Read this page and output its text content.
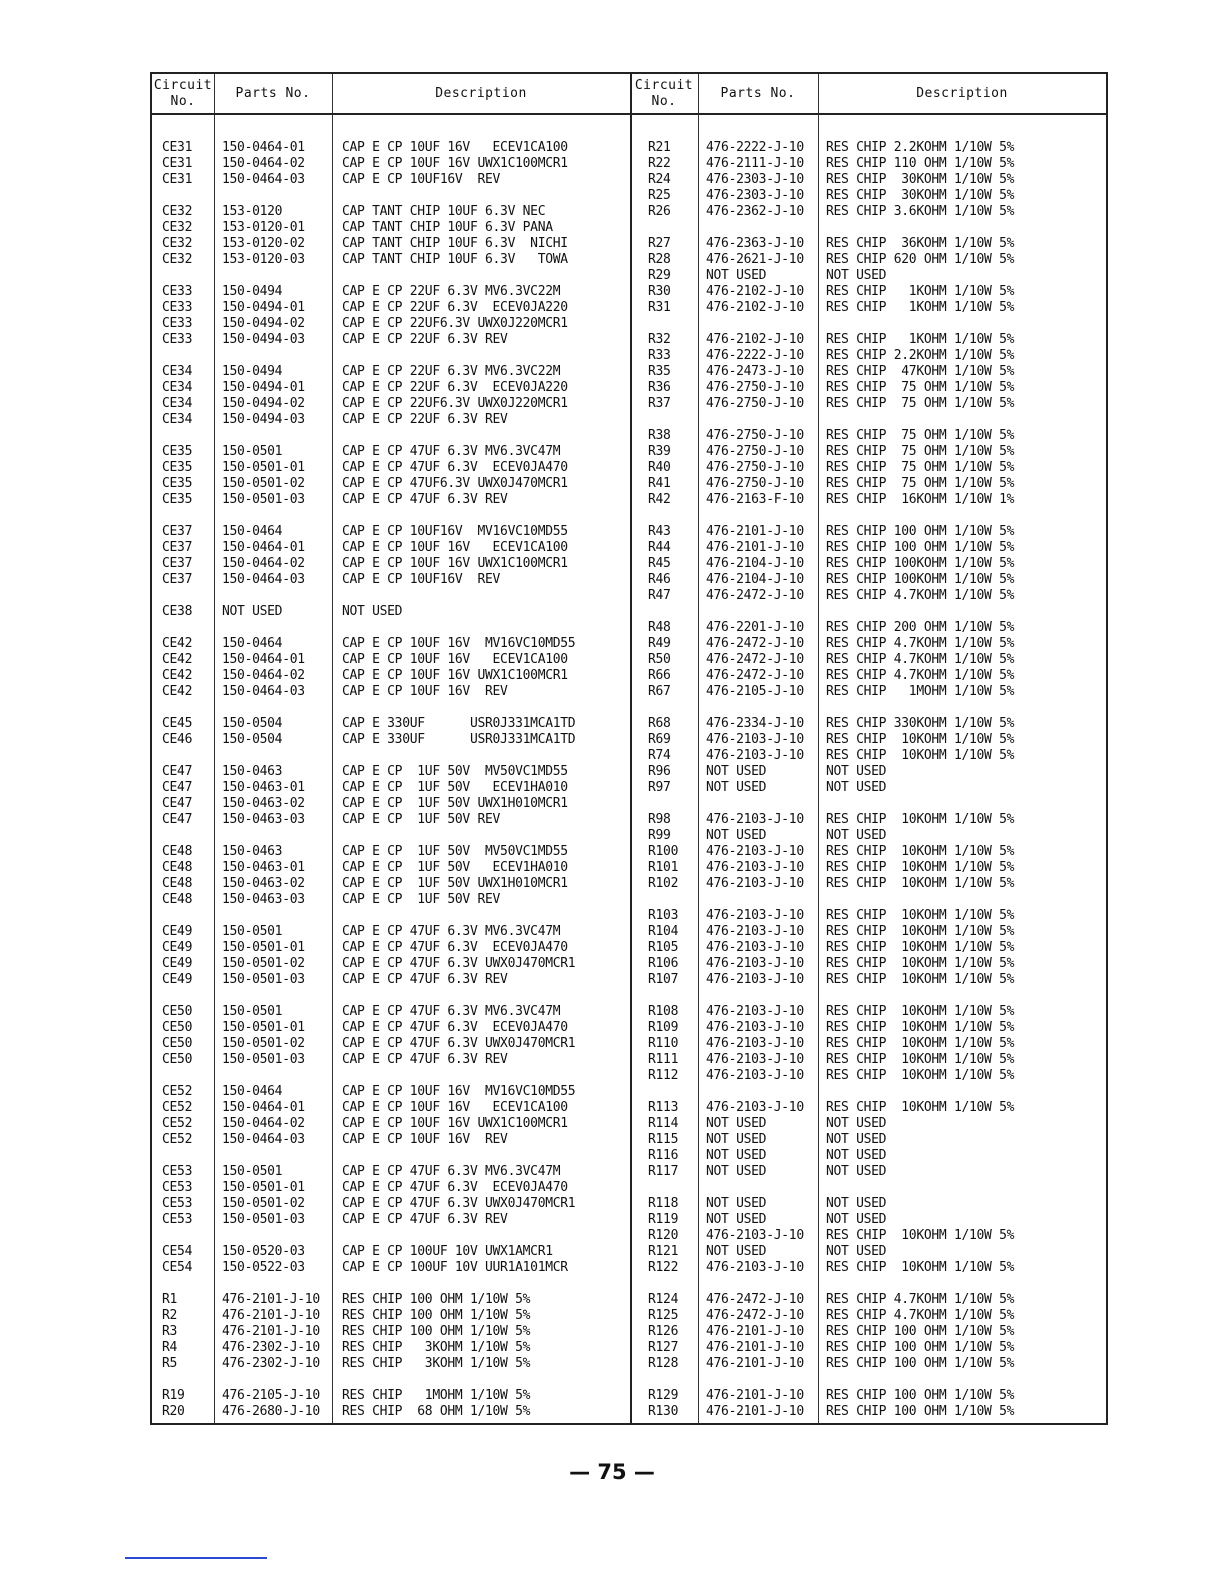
Circuit
No.
Parts No.	Description
Circuit
No.
Parts No.	Description
CE31
CE31
CE31

CE32
CE32
CE32
CE32

CE33
CE33
CE33
CE33

CE34
CE34
CE34
CE34

CE35
CE35
CE35
CE35

CE37
CE37
CE37
CE37

CE38

CE42
CE42
CE42
CE42

CE45
CE46

CE47
CE47
CE47
CE47

CE48
CE48
CE48
CE48

CE49
CE49
CE49
CE49

CE50
CE50
CE50
CE50

CE52
CE52
CE52
CE52

CE53
CE53
CE53
CE53

CE54
CE54

R1
R2
R3
R4
R5

R19
R20
150-0464-01
150-0464-02
150-0464-03

153-0120
153-0120-01
153-0120-02
153-0120-03

150-0494
150-0494-01
150-0494-02
150-0494-03

150-0494
150-0494-01
150-0494-02
150-0494-03

150-0501
150-0501-01
150-0501-02
150-0501-03

150-0464
150-0464-01
150-0464-02
150-0464-03

NOT USED

150-0464
150-0464-01
150-0464-02
150-0464-03

150-0504
150-0504

150-0463
150-0463-01
150-0463-02
150-0463-03

150-0463
150-0463-01
150-0463-02
150-0463-03

150-0501
150-0501-01
150-0501-02
150-0501-03

150-0501
150-0501-01
150-0501-02
150-0501-03

150-0464
150-0464-01
150-0464-02
150-0464-03

150-0501
150-0501-01
150-0501-02
150-0501-03

150-0520-03
150-0522-03

476-2101-J-10
476-2101-J-10
476-2101-J-10
476-2302-J-10
476-2302-J-10

476-2105-J-10
476-2680-J-10
CAP E CP 10UF 16V   ECEV1CA100
CAP E CP 10UF 16V UWX1C100MCR1
CAP E CP 10UF16V  REV

CAP TANT CHIP 10UF 6.3V NEC
CAP TANT CHIP 10UF 6.3V PANA
CAP TANT CHIP 10UF 6.3V  NICHI
CAP TANT CHIP 10UF 6.3V   TOWA

CAP E CP 22UF 6.3V MV6.3VC22M
CAP E CP 22UF 6.3V  ECEV0JA220
CAP E CP 22UF6.3V UWX0J220MCR1
CAP E CP 22UF 6.3V REV

CAP E CP 22UF 6.3V MV6.3VC22M
CAP E CP 22UF 6.3V  ECEV0JA220
CAP E CP 22UF6.3V UWX0J220MCR1
CAP E CP 22UF 6.3V REV

CAP E CP 47UF 6.3V MV6.3VC47M
CAP E CP 47UF 6.3V  ECEV0JA470
CAP E CP 47UF6.3V UWX0J470MCR1
CAP E CP 47UF 6.3V REV

CAP E CP 10UF16V  MV16VC10MD55
CAP E CP 10UF 16V   ECEV1CA100
CAP E CP 10UF 16V UWX1C100MCR1
CAP E CP 10UF16V  REV

NOT USED

CAP E CP 10UF 16V  MV16VC10MD55
CAP E CP 10UF 16V   ECEV1CA100
CAP E CP 10UF 16V UWX1C100MCR1
CAP E CP 10UF 16V  REV

CAP E 330UF      USR0J331MCA1TD
CAP E 330UF      USR0J331MCA1TD

CAP E CP  1UF 50V  MV50VC1MD55
CAP E CP  1UF 50V   ECEV1HA010
CAP E CP  1UF 50V UWX1H010MCR1
CAP E CP  1UF 50V REV

CAP E CP  1UF 50V  MV50VC1MD55
CAP E CP  1UF 50V   ECEV1HA010
CAP E CP  1UF 50V UWX1H010MCR1
CAP E CP  1UF 50V REV

CAP E CP 47UF 6.3V MV6.3VC47M
CAP E CP 47UF 6.3V  ECEV0JA470
CAP E CP 47UF 6.3V UWX0J470MCR1
CAP E CP 47UF 6.3V REV

CAP E CP 47UF 6.3V MV6.3VC47M
CAP E CP 47UF 6.3V  ECEV0JA470
CAP E CP 47UF 6.3V UWX0J470MCR1
CAP E CP 47UF 6.3V REV

CAP E CP 10UF 16V  MV16VC10MD55
CAP E CP 10UF 16V   ECEV1CA100
CAP E CP 10UF 16V UWX1C100MCR1
CAP E CP 10UF 16V  REV

CAP E CP 47UF 6.3V MV6.3VC47M
CAP E CP 47UF 6.3V  ECEV0JA470
CAP E CP 47UF 6.3V UWX0J470MCR1
CAP E CP 47UF 6.3V REV

CAP E CP 100UF 10V UWX1AMCR1
CAP E CP 100UF 10V UUR1A101MCR

RES CHIP 100 OHM 1/10W 5%
RES CHIP 100 OHM 1/10W 5%
RES CHIP 100 OHM 1/10W 5%
RES CHIP   3KOHM 1/10W 5%
RES CHIP   3KOHM 1/10W 5%

RES CHIP   1MOHM 1/10W 5%
RES CHIP  68 OHM 1/10W 5%
R21
R22
R24
R25
R26

R27
R28
R29
R30
R31

R32
R33
R35
R36
R37

R38
R39
R40
R41
R42

R43
R44
R45
R46
R47

R48
R49
R50
R66
R67

R68
R69
R74
R96
R97

R98
R99
R100
R101
R102

R103
R104
R105
R106
R107

R108
R109
R110
R111
R112

R113
R114
R115
R116
R117

R118
R119
R120
R121
R122

R124
R125
R126
R127
R128

R129
R130
476-2222-J-10
476-2111-J-10
476-2303-J-10
476-2303-J-10
476-2362-J-10

476-2363-J-10
476-2621-J-10
NOT USED
476-2102-J-10
476-2102-J-10

476-2102-J-10
476-2222-J-10
476-2473-J-10
476-2750-J-10
476-2750-J-10

476-2750-J-10
476-2750-J-10
476-2750-J-10
476-2750-J-10
476-2163-F-10

476-2101-J-10
476-2101-J-10
476-2104-J-10
476-2104-J-10
476-2472-J-10

476-2201-J-10
476-2472-J-10
476-2472-J-10
476-2472-J-10
476-2105-J-10

476-2334-J-10
476-2103-J-10
476-2103-J-10
NOT USED
NOT USED

476-2103-J-10
NOT USED
476-2103-J-10
476-2103-J-10
476-2103-J-10

476-2103-J-10
476-2103-J-10
476-2103-J-10
476-2103-J-10
476-2103-J-10

476-2103-J-10
476-2103-J-10
476-2103-J-10
476-2103-J-10
476-2103-J-10

476-2103-J-10
NOT USED
NOT USED
NOT USED
NOT USED

NOT USED
NOT USED
476-2103-J-10
NOT USED
476-2103-J-10

476-2472-J-10
476-2472-J-10
476-2101-J-10
476-2101-J-10
476-2101-J-10

476-2101-J-10
476-2101-J-10
RES CHIP 2.2KOHM 1/10W 5%
RES CHIP 110 OHM 1/10W 5%
RES CHIP  30KOHM 1/10W 5%
RES CHIP  30KOHM 1/10W 5%
RES CHIP 3.6KOHM 1/10W 5%

RES CHIP  36KOHM 1/10W 5%
RES CHIP 620 OHM 1/10W 5%
NOT USED
RES CHIP   1KOHM 1/10W 5%
RES CHIP   1KOHM 1/10W 5%

RES CHIP   1KOHM 1/10W 5%
RES CHIP 2.2KOHM 1/10W 5%
RES CHIP  47KOHM 1/10W 5%
RES CHIP  75 OHM 1/10W 5%
RES CHIP  75 OHM 1/10W 5%

RES CHIP  75 OHM 1/10W 5%
RES CHIP  75 OHM 1/10W 5%
RES CHIP  75 OHM 1/10W 5%
RES CHIP  75 OHM 1/10W 5%
RES CHIP  16KOHM 1/10W 1%

RES CHIP 100 OHM 1/10W 5%
RES CHIP 100 OHM 1/10W 5%
RES CHIP 100KOHM 1/10W 5%
RES CHIP 100KOHM 1/10W 5%
RES CHIP 4.7KOHM 1/10W 5%

RES CHIP 200 OHM 1/10W 5%
RES CHIP 4.7KOHM 1/10W 5%
RES CHIP 4.7KOHM 1/10W 5%
RES CHIP 4.7KOHM 1/10W 5%
RES CHIP   1MOHM 1/10W 5%

RES CHIP 330KOHM 1/10W 5%
RES CHIP  10KOHM 1/10W 5%
RES CHIP  10KOHM 1/10W 5%
NOT USED
NOT USED

RES CHIP  10KOHM 1/10W 5%
NOT USED
RES CHIP  10KOHM 1/10W 5%
RES CHIP  10KOHM 1/10W 5%
RES CHIP  10KOHM 1/10W 5%

RES CHIP  10KOHM 1/10W 5%
RES CHIP  10KOHM 1/10W 5%
RES CHIP  10KOHM 1/10W 5%
RES CHIP  10KOHM 1/10W 5%
RES CHIP  10KOHM 1/10W 5%

RES CHIP  10KOHM 1/10W 5%
RES CHIP  10KOHM 1/10W 5%
RES CHIP  10KOHM 1/10W 5%
RES CHIP  10KOHM 1/10W 5%
RES CHIP  10KOHM 1/10W 5%

RES CHIP  10KOHM 1/10W 5%
NOT USED
NOT USED
NOT USED
NOT USED

NOT USED
NOT USED
RES CHIP  10KOHM 1/10W 5%
NOT USED
RES CHIP  10KOHM 1/10W 5%

RES CHIP 4.7KOHM 1/10W 5%
RES CHIP 4.7KOHM 1/10W 5%
RES CHIP 100 OHM 1/10W 5%
RES CHIP 100 OHM 1/10W 5%
RES CHIP 100 OHM 1/10W 5%

RES CHIP 100 OHM 1/10W 5%
RES CHIP 100 OHM 1/10W 5%
— 75 —
